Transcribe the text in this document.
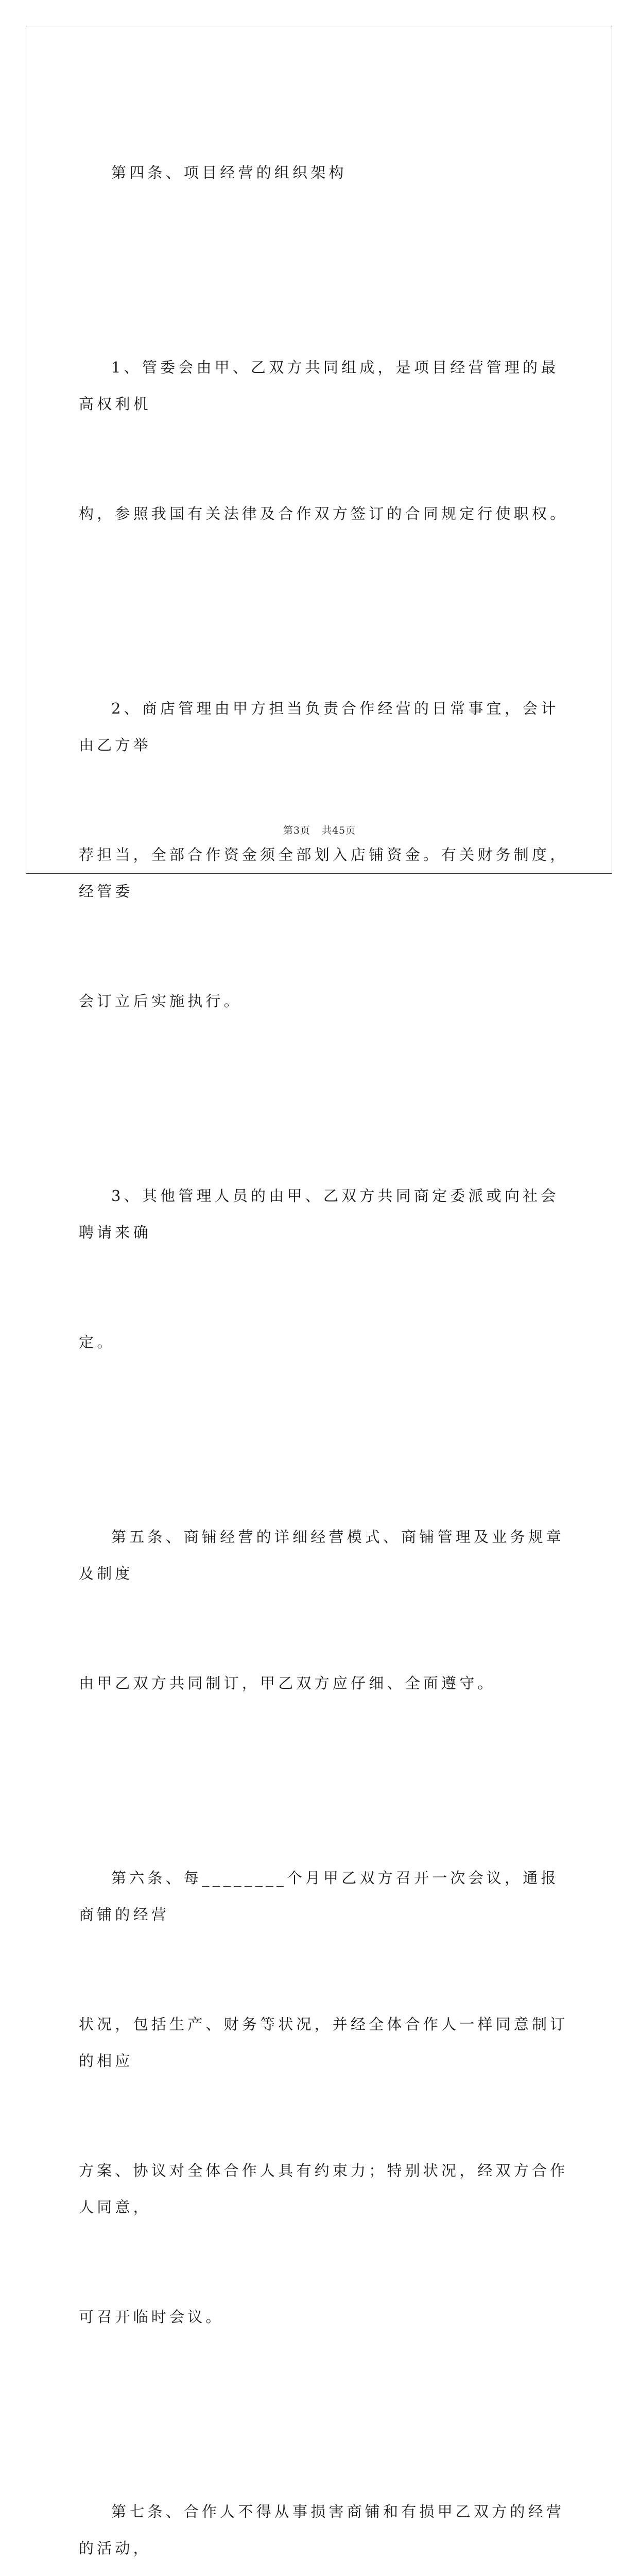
第四条、项目经营的组织架构

1、管委会由甲、乙双方共同组成，是项目经营管理的最高权利机

构，参照我国有关法律及合作双方签订的合同规定行使职权。

2、商店管理由甲方担当负责合作经营的日常事宜，会计由乙方举

荐担当，全部合作资金须全部划入店铺资金。有关财务制度，经管委

会订立后实施执行。

3、其他管理人员的由甲、乙双方共同商定委派或向社会聘请来确

定。

第五条、商铺经营的详细经营模式、商铺管理及业务规章及制度

由甲乙双方共同制订，甲乙双方应仔细、全面遵守。

第六条、每________个月甲乙双方召开一次会议，通报商铺的经营

状况，包括生产、财务等状况，并经全体合作人一样同意制订的相应

方案、协议对全体合作人具有约束力；特别状况，经双方合作人同意，

可召开临时会议。

第七条、合作人不得从事损害商铺和有损甲乙双方的经营的活动，

第3页 共45页
